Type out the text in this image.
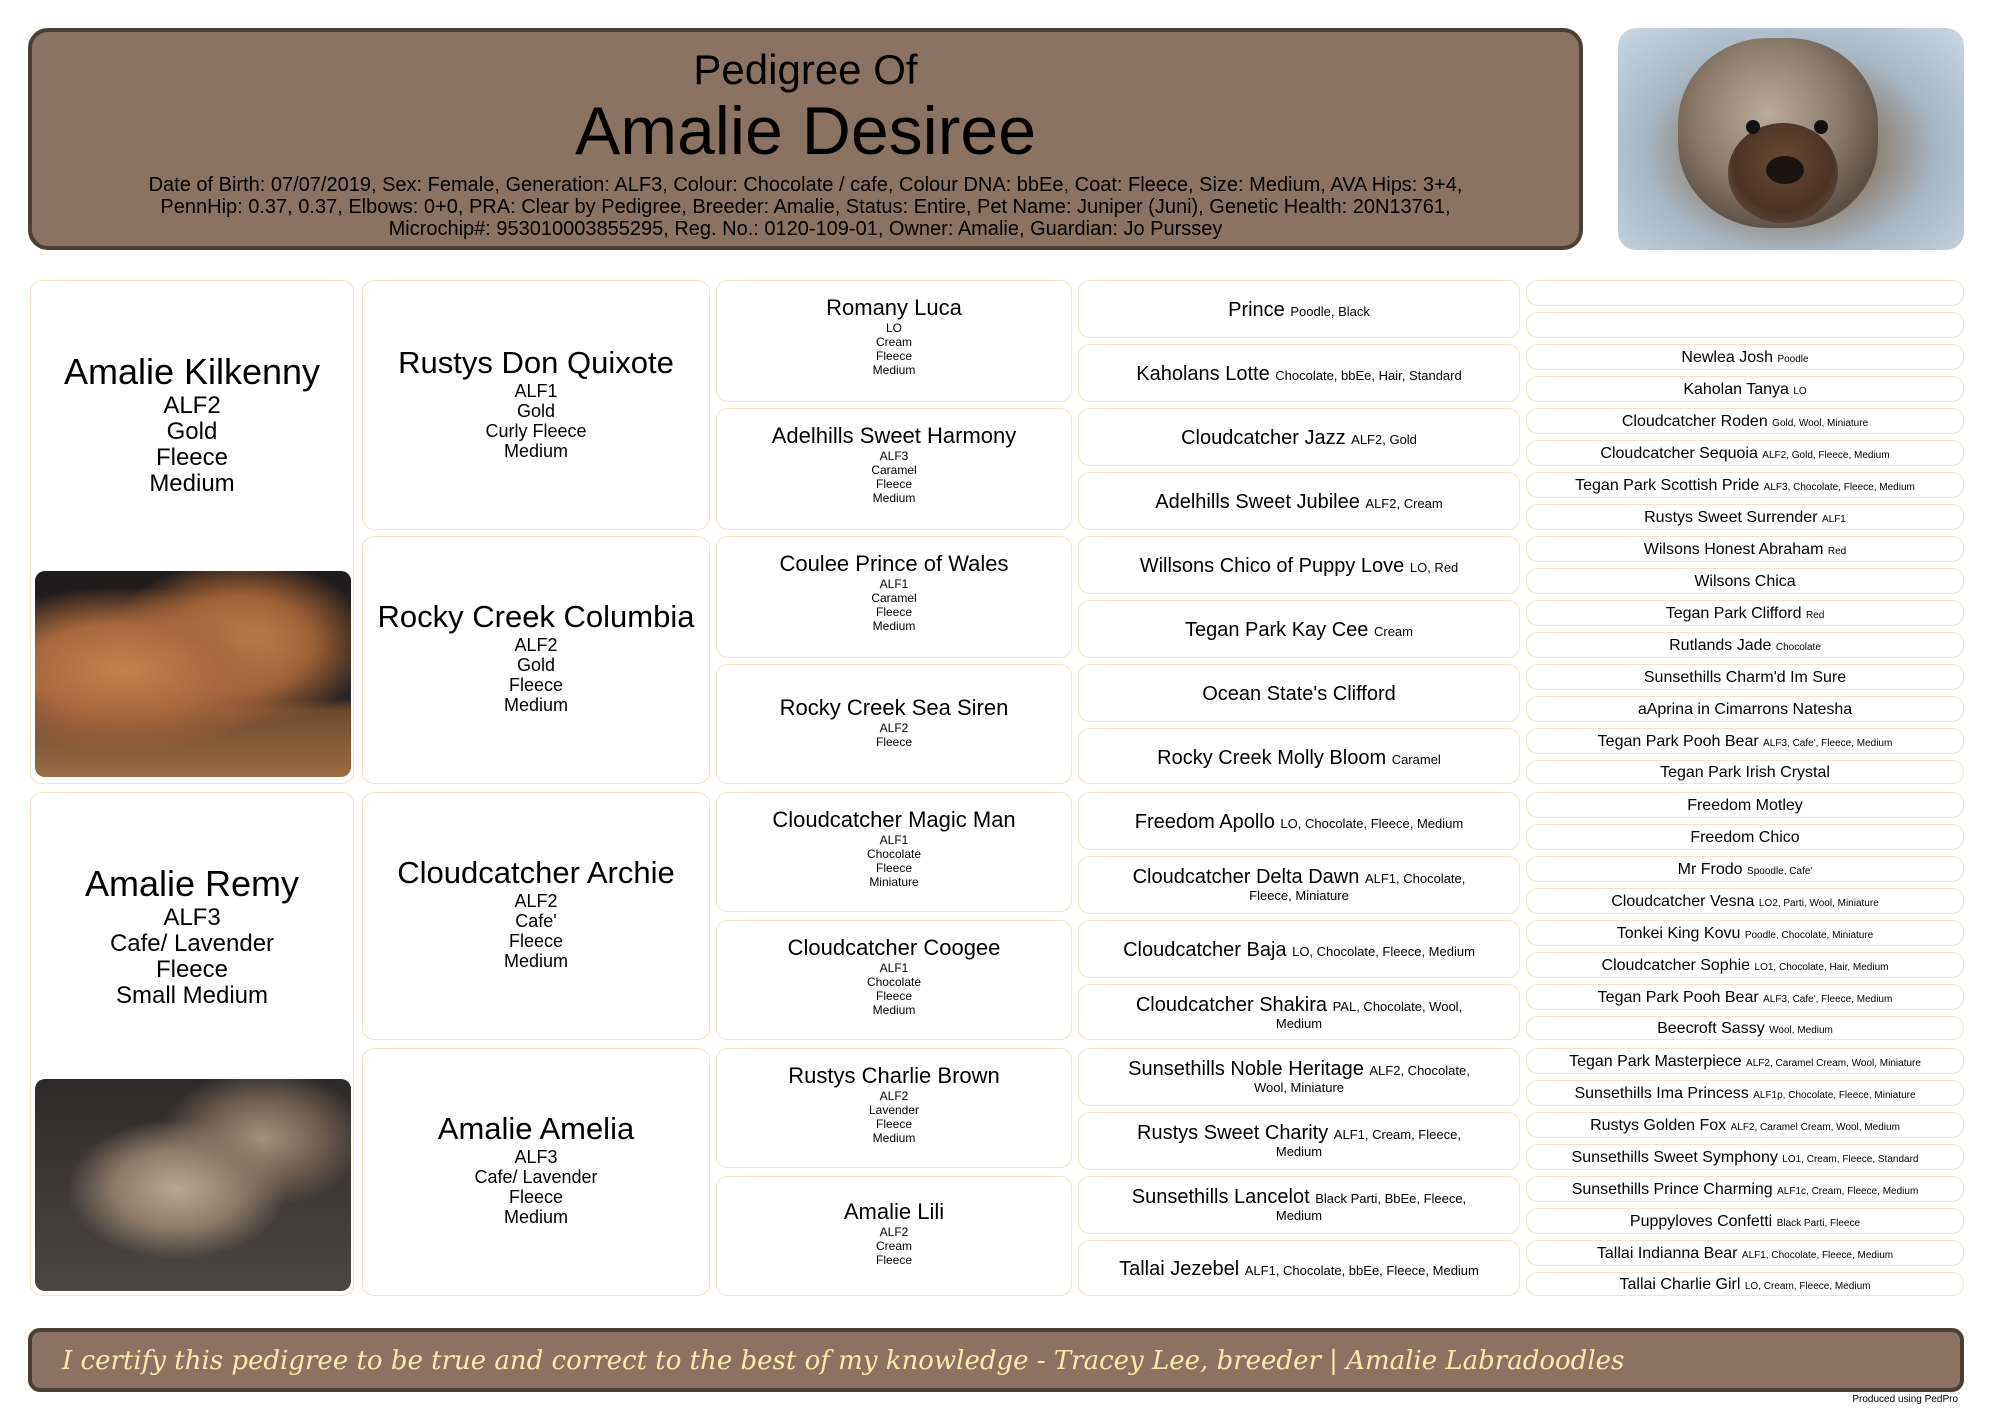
Pedigree Of
Amalie Desiree
Date of Birth: 07/07/2019, Sex: Female, Generation: ALF3, Colour: Chocolate / cafe, Colour DNA: bbEe, Coat: Fleece, Size: Medium, AVA Hips: 3+4,
PennHip: 0.37, 0.37, Elbows: 0+0, PRA: Clear by Pedigree, Breeder: Amalie, Status: Entire, Pet Name: Juniper (Juni), Genetic Health: 20N13761,
Microchip#: 953010003855295, Reg. No.: 0120-109-01, Owner: Amalie, Guardian: Jo Purssey
Amalie Kilkenny
ALF2
Gold
Fleece
Medium
Amalie Remy
ALF3
Cafe/ Lavender
Fleece
Small Medium
Rustys Don Quixote
ALF1
Gold
Curly Fleece
Medium
Rocky Creek Columbia
ALF2
Gold
Fleece
Medium
Cloudcatcher Archie
ALF2
Cafe'
Fleece
Medium
Amalie Amelia
ALF3
Cafe/ Lavender
Fleece
Medium
Romany Luca
LO
Cream
Fleece
Medium
Adelhills Sweet Harmony
ALF3
Caramel
Fleece
Medium
Coulee Prince of Wales
ALF1
Caramel
Fleece
Medium
Rocky Creek Sea Siren
ALF2
Fleece
Cloudcatcher Magic Man
ALF1
Chocolate
Fleece
Miniature
Cloudcatcher Coogee
ALF1
Chocolate
Fleece
Medium
Rustys Charlie Brown
ALF2
Lavender
Fleece
Medium
Amalie Lili
ALF2
Cream
Fleece
Prince Poodle, Black
Kaholans Lotte Chocolate, bbEe, Hair, Standard
Cloudcatcher Jazz ALF2, Gold
Adelhills Sweet Jubilee ALF2, Cream
Willsons Chico of Puppy Love LO, Red
Tegan Park Kay Cee Cream
Ocean State's Clifford
Rocky Creek Molly Bloom Caramel
Freedom Apollo LO, Chocolate, Fleece, Medium
Cloudcatcher Delta Dawn ALF1, Chocolate,
Fleece, Miniature
Cloudcatcher Baja LO, Chocolate, Fleece, Medium
Cloudcatcher Shakira PAL, Chocolate, Wool,
Medium
Sunsethills Noble Heritage ALF2, Chocolate,
Wool, Miniature
Rustys Sweet Charity ALF1, Cream, Fleece,
Medium
Sunsethills Lancelot Black Parti, BbEe, Fleece,
Medium
Tallai Jezebel ALF1, Chocolate, bbEe, Fleece, Medium
Newlea Josh Poodle
Kaholan Tanya LO
Cloudcatcher Roden Gold, Wool, Miniature
Cloudcatcher Sequoia ALF2, Gold, Fleece, Medium
Tegan Park Scottish Pride ALF3, Chocolate, Fleece, Medium
Rustys Sweet Surrender ALF1
Wilsons Honest Abraham Red
Wilsons Chica
Tegan Park Clifford Red
Rutlands Jade Chocolate
Sunsethills Charm'd Im Sure
aAprina in Cimarrons Natesha
Tegan Park Pooh Bear ALF3, Cafe', Fleece, Medium
Tegan Park Irish Crystal
Freedom Motley
Freedom Chico
Mr Frodo Spoodle, Cafe'
Cloudcatcher Vesna LO2, Parti, Wool, Miniature
Tonkei King Kovu Poodle, Chocolate, Miniature
Cloudcatcher Sophie LO1, Chocolate, Hair, Medium
Tegan Park Pooh Bear ALF3, Cafe', Fleece, Medium
Beecroft Sassy Wool, Medium
Tegan Park Masterpiece ALF2, Caramel Cream, Wool, Miniature
Sunsethills Ima Princess ALF1p, Chocolate, Fleece, Miniature
Rustys Golden Fox ALF2, Caramel Cream, Wool, Medium
Sunsethills Sweet Symphony LO1, Cream, Fleece, Standard
Sunsethills Prince Charming ALF1c, Cream, Fleece, Medium
Puppyloves Confetti Black Parti, Fleece
Tallai Indianna Bear ALF1, Chocolate, Fleece, Medium
Tallai Charlie Girl LO, Cream, Fleece, Medium
I certify this pedigree to be true and correct to the best of my knowledge - Tracey Lee, breeder | Amalie Labradoodles
Produced using PedPro
